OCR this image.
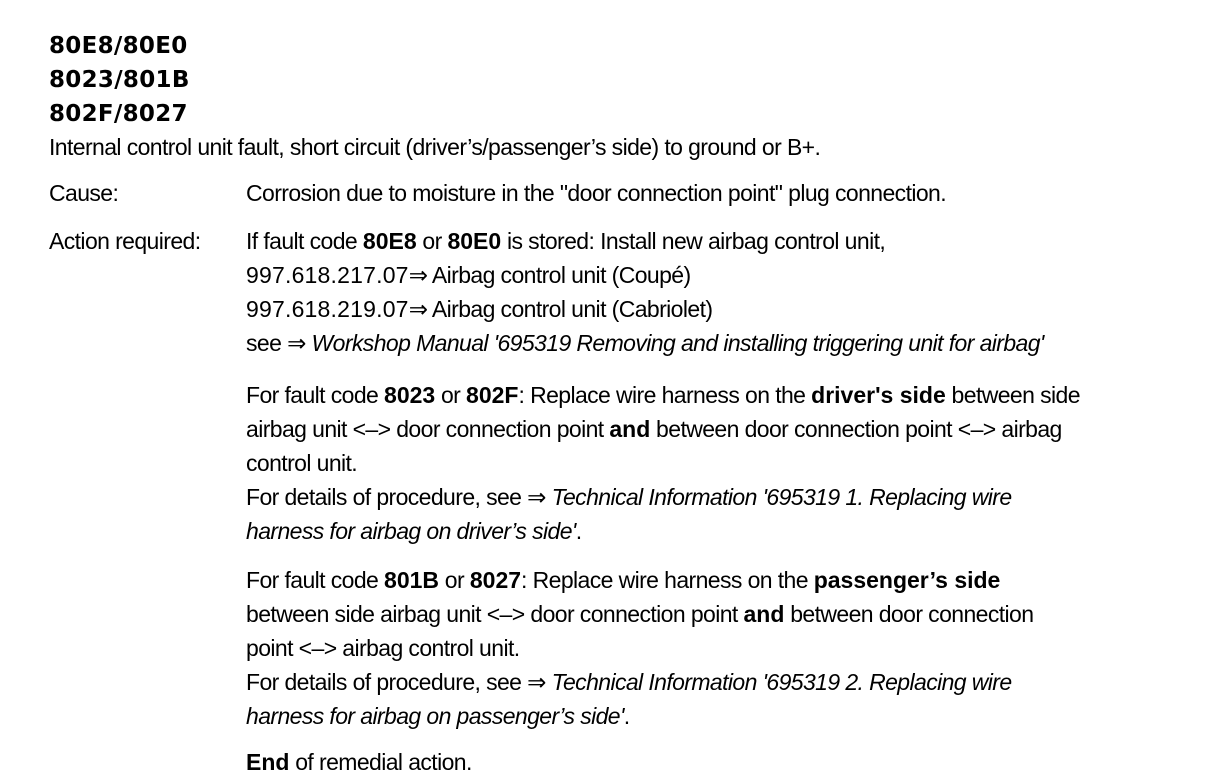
80E8/80E0
8023/801B
802F/8027
Internal control unit fault, short circuit (driver’s/passenger’s side) to ground or B+.
Cause:	Corrosion due to moisture in the "door connection point" plug connection.
Action required: If fault code 80E8 or 80E0 is stored: Install new airbag control unit,
997.618.217.07⇒ Airbag control unit (Coupé)
997.618.219.07⇒ Airbag control unit (Cabriolet)
see ⇒ Workshop Manual '695319 Removing and installing triggering unit for airbag'
For fault code 8023 or 802F: Replace wire harness on the driver's side between side
airbag unit <–> door connection point and between door connection point <–> airbag
control unit.
For details of procedure, see ⇒ Technical Information '695319 1. Replacing wire
harness for airbag on driver’s side'.
For fault code 801B or 8027: Replace wire harness on the passenger’s side
between side airbag unit <–> door connection point and between door connection
point <–> airbag control unit.
For details of procedure, see ⇒ Technical Information '695319 2. Replacing wire
harness for airbag on passenger’s side'.
End of remedial action.
